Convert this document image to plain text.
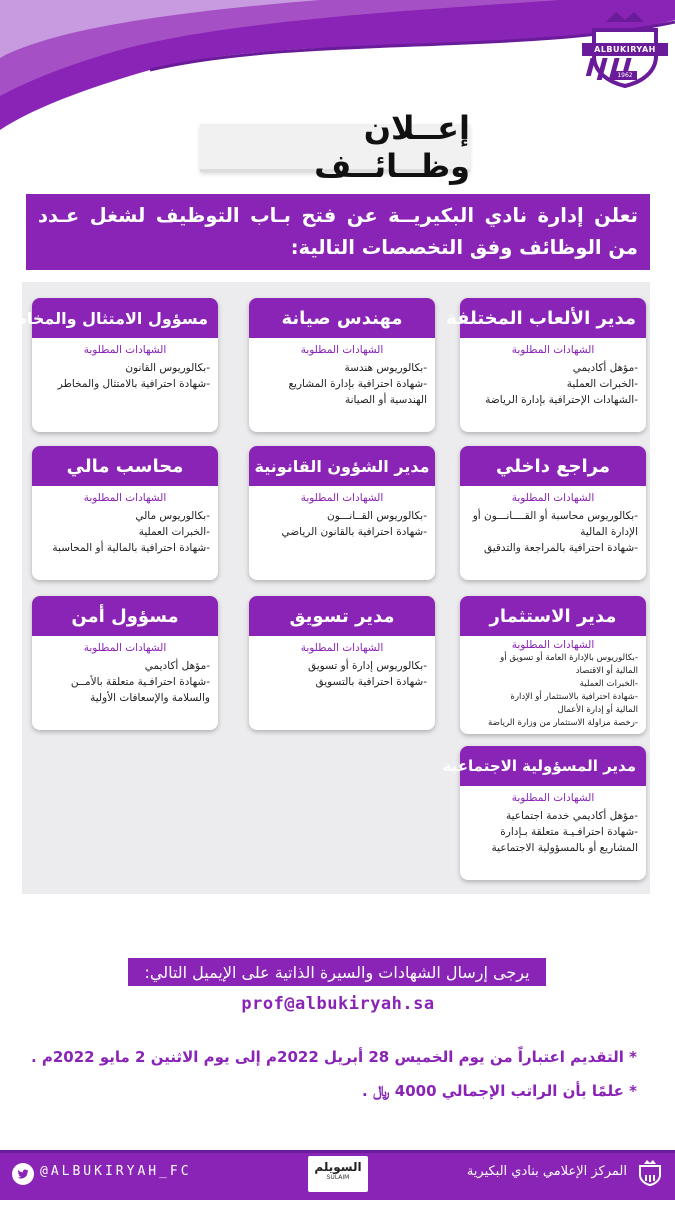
ALBUKIRYAH
1962
إعــلان وظــائــف
تعلن إدارة نادي البكيريــة عن فتح بـاب التوظيف لشغل عـدد من الوظائف وفق التخصصات التالية:
مدير الألعاب المختلفة
الشهادات المطلوبة
-مؤهل أكاديمي
-الخبرات العملية
-الشهادات الإحترافية بإدارة الرياضة
مهندس صيانة
الشهادات المطلوبة
-بكالوريوس هندسة
-شهادة احترافية بإدارة المشاريع
الهندسية أو الصيانة
مسؤول الامتثال والمخاطر
الشهادات المطلوبة
-بكالوريوس القانون
-شهادة احترافية بالامتثال والمخاطر
مراجع داخلي
الشهادات المطلوبة
-بكالوريوس محاسبة أو القــــانـــون أو
الإدارة المالية
-شهادة احترافية بالمراجعة والتدقيق
مدير الشؤون القانونية
الشهادات المطلوبة
-بكالوريوس القــانـــون
-شهادة احترافية بالقانون الرياضي
محاسب مالي
الشهادات المطلوبة
-بكالوريوس مالي
-الخبرات العملية
-شهادة احترافية بالمالية أو المحاسبة
مدير الاستثمار
الشهادات المطلوبة
-بكالوريوس بالإدارة العامة أو تسويق أو
المالية أو الاقتصاد
-الخبرات العملية
-شهادة احترافية بالاستثمار أو الإدارة
المالية أو إدارة الأعمال
-رخصة مزاولة الاستثمار من وزارة الرياضة
مدير تسويق
الشهادات المطلوبة
-بكالوريوس إدارة أو تسويق
-شهادة احترافية بالتسويق
مسؤول أمن
الشهادات المطلوبة
-مؤهل أكاديمي
-شهادة احترافـية متعلقة بالأمــن
والسلامة والإسعافات الأولية
مدير المسؤولية الاجتماعية
الشهادات المطلوبة
-مؤهل أكاديمي خدمة اجتماعية
-شهادة احترافـيـة متعلقة بـإدارة
المشاريع أو بالمسؤولية الاجتماعية
يرجى إرسال الشهادات والسيرة الذاتية على الإيميل التالي:
prof@albukiryah.sa
* التقديم اعتباراً من يوم الخميس 28 أبريل 2022م إلى يوم الاثنين 2 مايو 2022م .
* علمًا بأن الراتب الإجمالي 4000 ﷼ .
@ALBUKIRYAH_FC	السويلم
SULAIM	المركز الإعلامي بنادي البكيرية
